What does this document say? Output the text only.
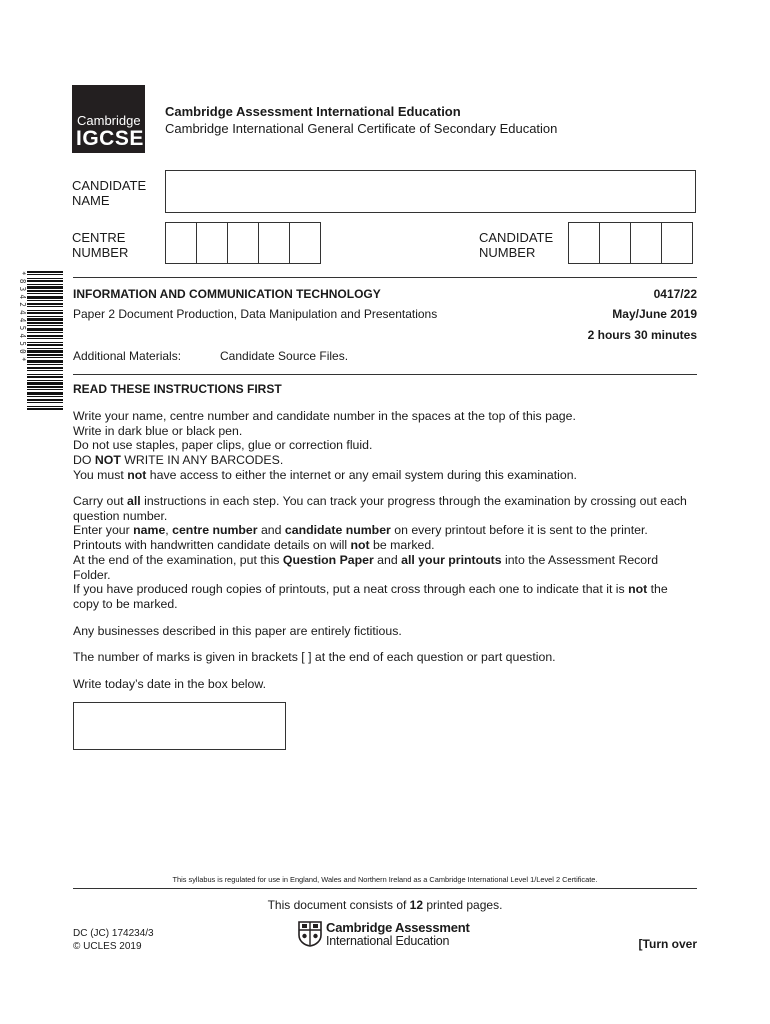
Cambridge
IGCSE
Cambridge Assessment International Education
Cambridge International General Certificate of Secondary Education
CANDIDATE
NAME
CENTRE
NUMBER
CANDIDATE
NUMBER
*8342445450*	INFORMATION AND COMMUNICATION TECHNOLOGY	0417/22
Paper 2 Document Production, Data Manipulation and Presentations	May/June 2019
2 hours 30 minutes
Additional Materials:	Candidate Source Files.
READ THESE INSTRUCTIONS FIRST

Write your name, centre number and candidate number in the spaces at the top of this page.

Write in dark blue or black pen.

Do not use staples, paper clips, glue or correction fluid.

DO NOT WRITE IN ANY BARCODES.

You must not have access to either the internet or any email system during this examination.

Carry out all instructions in each step. You can track your progress through the examination by crossing out each question number.

Enter your name, centre number and candidate number on every printout before it is sent to the printer.

Printouts with handwritten candidate details on will not be marked.

At the end of the examination, put this Question Paper and all your printouts into the Assessment Record Folder.

If you have produced rough copies of printouts, put a neat cross through each one to indicate that it is not the copy to be marked.

Any businesses described in this paper are entirely fictitious.
The number of marks is given in brackets [ ] at the end of each question or part question.
Write today’s date in the box below.
This syllabus is regulated for use in England, Wales and Northern Ireland as a Cambridge International Level 1/Level 2 Certificate.
This document consists of 12 printed pages.
DC (JC) 174234/3
© UCLES 2019
Cambridge Assessment
International Education	[Turn over
